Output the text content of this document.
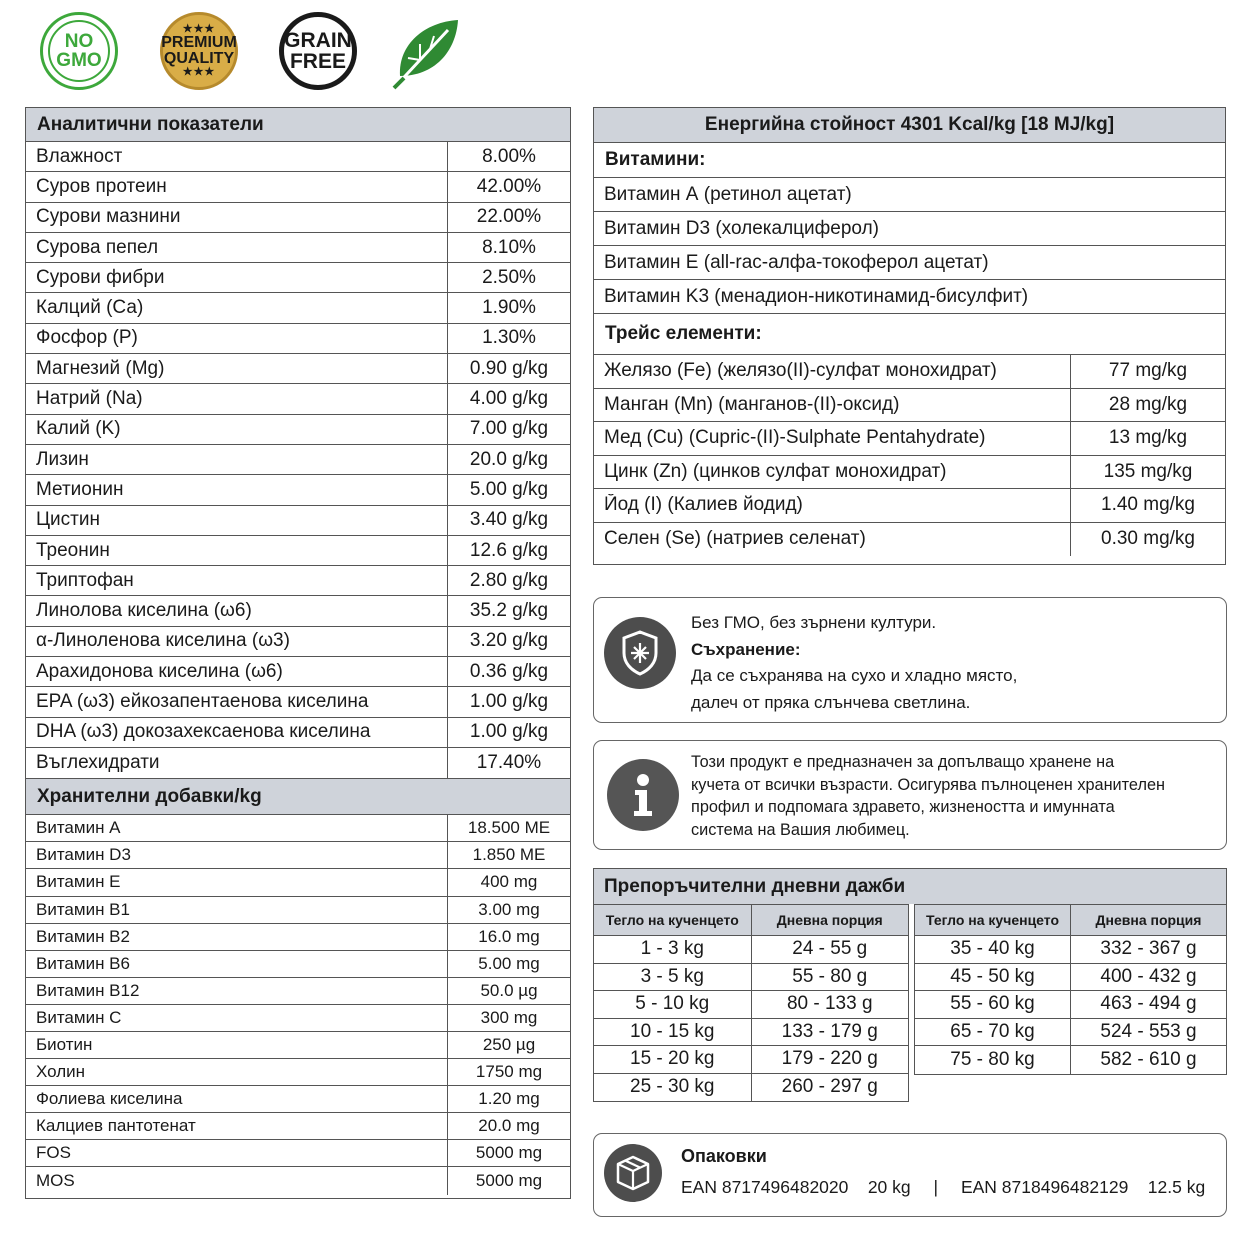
NO
GMO
★★★
PREMIUM
QUALITY
★★★
GRAIN
FREE
Аналитични показатели
Влажност	8.00%
Суров протеин	42.00%
Сурови мазнини	22.00%
Сурова пепел	8.10%
Сурови фибри	2.50%
Калций (Са)	1.90%
Фосфор (P)	1.30%
Магнезий (Mg)	0.90 g/kg
Натрий (Na)	4.00 g/kg
Калий (K)	7.00 g/kg
Лизин	20.0 g/kg
Метионин	5.00 g/kg
Цистин	3.40 g/kg
Треонин	12.6 g/kg
Триптофан	2.80 g/kg
Линолова киселина (ω6)	35.2 g/kg
α-Линоленова киселина (ω3)	3.20 g/kg
Арахидонова киселина (ω6)	0.36 g/kg
EPA (ω3) ейкозапентаенова киселина	1.00 g/kg
DHA (ω3) докозахексаенова киселина	1.00 g/kg
Въглехидрати	17.40%
Хранителни добавки/kg
Витамин А	18.500 МЕ
Витамин D3	1.850 МЕ
Витамин Е	400 mg
Витамин B1	3.00 mg
Витамин B2	16.0 mg
Витамин B6	5.00 mg
Витамин B12	50.0 µg
Витамин C	300 mg
Биотин	250 µg
Холин	1750 mg
Фолиева киселина	1.20 mg
Калциев пантотенат	20.0 mg
FOS	5000 mg
MOS	5000 mg
Енергийна стойност 4301 Kcal/kg [18 MJ/kg]
Витамини:
Витамин А (ретинол ацетат)
Витамин D3 (холекалциферол)
Витамин Е (all-rac-алфа-токоферол ацетат)
Витамин K3 (менадион-никотинамид-бисулфит)
Трейс елементи:
Желязо (Fe) (желязо(II)-сулфат монохидрат)	77 mg/kg
Манган (Mn) (манганов-(II)-оксид)	28 mg/kg
Мед (Cu) (Cupric-(II)-Sulphate Pentahydrate)	13 mg/kg
Цинк (Zn) (цинков сулфат монохидрат)	135 mg/kg
Йод (I) (Калиев йодид)	1.40 mg/kg
Селен (Se) (натриев селенат)	0.30 mg/kg
Без ГМО, без зърнени култури.
Съхранение:
Да се съхранява на сухо и хладно място,
далеч от пряка слънчева светлина.
Този продукт е предназначен за допълващо хранене на
кучета от всички възрасти. Осигурява пълноценен хранителен
профил и подпомага здравето, жизнеността и имунната
система на Вашия любимец.
Препоръчителни дневни дажби
Тегло на кученцето	Дневна порция
1 - 3 kg	24 - 55 g
3 - 5 kg	55 - 80 g
5 - 10 kg	80 - 133 g
10 - 15 kg	133 - 179 g
15 - 20 kg	179 - 220 g
25 - 30 kg	260 - 297 g
Тегло на кученцето	Дневна порция
35 - 40 kg	332 - 367 g
45 - 50 kg	400 - 432 g
55 - 60 kg	463 - 494 g
65 - 70 kg	524 - 553 g
75 - 80 kg	582 - 610 g
Опаковки
EAN 8717496482020 20 kg | EAN 8718496482129 12.5 kg
